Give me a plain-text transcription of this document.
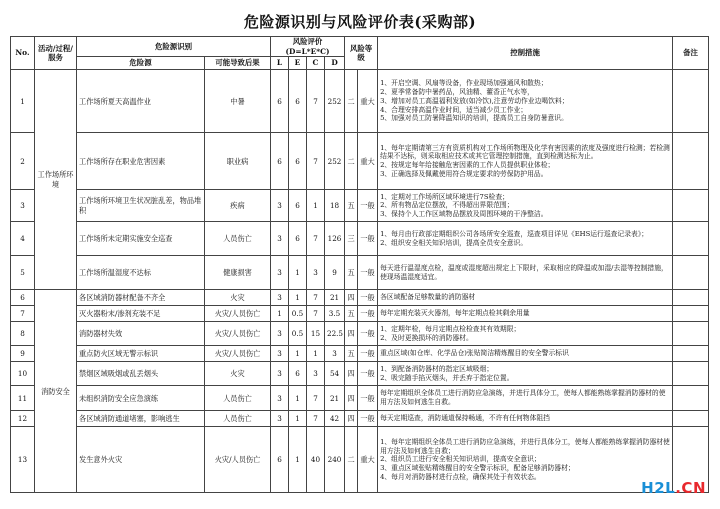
危险源识别与风险评价表(采购部)
No.	活动/过程/服务	危险源识别		风险评价(D=L*E*C)				风险等级		控制措施	备注
		危险源	可能导致后果	L	E	C	D				
1	工作场所环境	工作场所夏天高温作业	中暑	6	6	7	252	二	重大	1、开启空调、风扇等设备，作业现场加强通风和散热；
2、夏季常备防中暑药品，风油精、藿香正气水等，
3、增加对员工高温福利发放(如冷饮),注意劳动作业边喝饮料；
4、合理安排高温作业时间，适当减少员工作业；
5、加强对员工防暑降温知识的培训，提高员工自身防暑意识。	

2		工作场所存在职业危害因素	职业病	6	6	7	252	二	重大	1、每年定期请第三方有资质机构对工作场所物理及化学有害因素的浓度及强度进行检测；若检测结果不达标，则采取相应技术或其它管理控制措施，直到检测达标为止。
2、按规定每年给接触危害因素的工作人员提供职业体检；
3、正确选择及佩戴使用符合规定要求的劳保防护用品。	

3		工作场所环境卫生状况脏乱差，物品堆积	疾病	3	6	1	18	五	一般	1、定期对工作场所区域环境进行7S检查；
2、所有物品定位摆放，不得超出界限范围；
3、保持个人工作区域物品摆放及周围环境的干净整洁。	

4		工作场所未定期实施安全巡查	人员伤亡	3	6	7	126	三	一般	1、每月由行政部定期组织公司各场所安全巡查，巡查项目详见《EHS运行巡查记录表》；
2、组织安全相关知识培训，提高全员安全意识。	

5		工作场所温湿度不达标	健康损害	3	1	3	9	五	一般	每天进行温湿度点检，温度或湿度超出规定上下限时，采取相应的降温或加湿/去湿等控制措施，使现场温湿度适宜。	

6	消防安全	各区域消防器材配备不齐全	火灾	3	1	7	21	四	一般	各区域配备足够数量的消防器材	

7		灭火器粉末/渗剂充装不足	火灾/人员伤亡	1	0.5	7	3.5	五	一般	每年定期充装灭火器剂，每年定期点检其剩余用量	

8		消防器材失效	火灾/人员伤亡	3	0.5	15	22.5	四	一般	1、定期年检，每月定期点检检查其有效期限；
2、及时更换损坏的消防器材。	

9		重点防火区域无警示标识	火灾/人员伤亡	3	1	1	3	五	一般	重点区域(如仓库、化学品仓)张贴简洁精炼醒目的安全警示标识	

10		禁烟区域吸烟或乱丢烟头	火灾	3	6	3	54	四	一般	1、到配备消防器材的指定区域吸烟；
2、吸完随手掐灭烟头，并丢弃于指定位置。	

11		未组织消防安全应急演练	人员伤亡	3	1	7	21	四	一般	每年定期组织全体员工进行消防应急演练，并进行具体分工，使每人都能熟练掌握消防器材的使用方法及如何逃生自救。	

12		各区域消防通道堵塞，影响逃生	人员伤亡	3	1	7	42	四	一般	每天定期巡查，消防通道保持畅通，不许有任何物体阻挡	

13		发生意外火灾	火灾/人员伤亡	6	1	40	240	二	重大	1、每年定期组织全体员工进行消防应急演练，并进行具体分工，使每人都能熟练掌握消防器材使用方法及如何逃生自救；
2、组织员工进行安全相关知识培训，提高安全意识；
3、重点区域张贴精练醒目的安全警示标识，配备足够消防器材；
4、每月对消防器材进行点检，确保其处于有效状态。	

H2L.CN
